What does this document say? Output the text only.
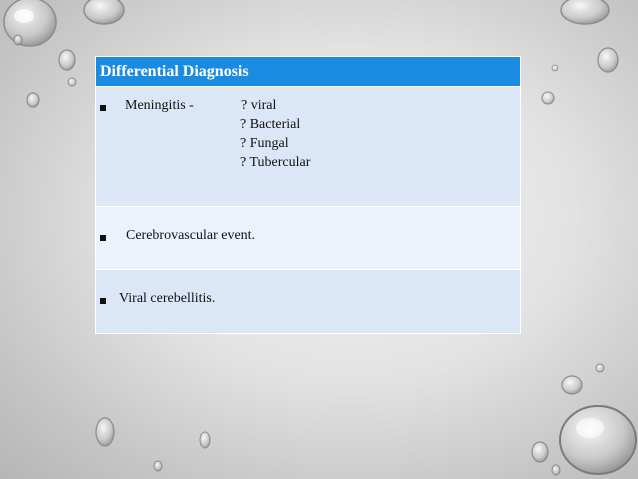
Differential Diagnosis
Meningitis -	? viral
? Bacterial
? Fungal
? Tubercular
Cerebrovascular event.
Viral cerebellitis.
